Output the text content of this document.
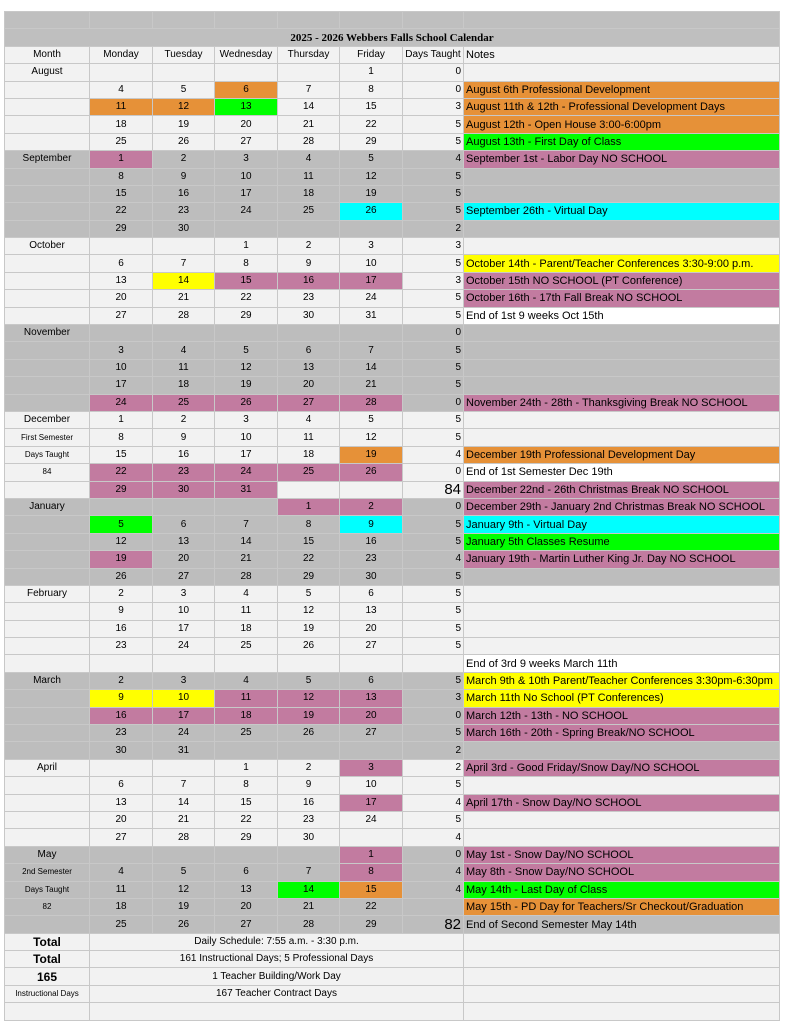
2025 - 2026 Webbers Falls School Calendar							
Month	Monday	Tuesday	Wednesday	Thursday	Friday	Days Taught	Notes
August					1	0	
	4	5	6	7	8	0	August 6th Professional Development
	11	12	13	14	15	3	August 11th & 12th - Professional Development Days
	18	19	20	21	22	5	August 12th - Open House 3:00-6:00pm
	25	26	27	28	29	5	August 13th - First Day of Class
September	1	2	3	4	5	4	September 1st - Labor Day NO SCHOOL
	8	9	10	11	12	5	
	15	16	17	18	19	5	
	22	23	24	25	26	5	September 26th - Virtual Day
	29	30				2	
October			1	2	3	3	
	6	7	8	9	10	5	October 14th - Parent/Teacher Conferences 3:30-9:00 p.m.
	13	14	15	16	17	3	October 15th NO SCHOOL (PT Conference)
	20	21	22	23	24	5	October 16th - 17th Fall Break NO SCHOOL
	27	28	29	30	31	5	End of 1st 9 weeks Oct 15th
November						0	
	3	4	5	6	7	5	
	10	11	12	13	14	5	
	17	18	19	20	21	5	
	24	25	26	27	28	0	November 24th - 28th - Thanksgiving Break NO SCHOOL
December	1	2	3	4	5	5	
First Semester	8	9	10	11	12	5	
Days Taught	15	16	17	18	19	4	December 19th Professional Development Day
84	22	23	24	25	26	0	End of 1st Semester Dec 19th
	29	30	31			84	December 22nd - 26th Christmas Break NO SCHOOL
January				1	2	0	December 29th - January 2nd Christmas Break NO SCHOOL
	5	6	7	8	9	5	January 9th - Virtual Day
	12	13	14	15	16	5	January 5th Classes Resume
	19	20	21	22	23	4	January 19th - Martin Luther King Jr. Day NO SCHOOL
	26	27	28	29	30	5	
February	2	3	4	5	6	5	
	9	10	11	12	13	5	
	16	17	18	19	20	5	
	23	24	25	26	27	5	
							End of 3rd 9 weeks March 11th
March	2	3	4	5	6	5	March 9th & 10th Parent/Teacher Conferences 3:30pm-6:30pm
	9	10	11	12	13	3	March 11th No School (PT Conferences)
	16	17	18	19	20	0	March 12th - 13th - NO SCHOOL
	23	24	25	26	27	5	March 16th - 20th - Spring Break/NO SCHOOL
	30	31				2	
April			1	2	3	2	April 3rd - Good Friday/Snow Day/NO SCHOOL
	6	7	8	9	10	5	
	13	14	15	16	17	4	April 17th - Snow Day/NO SCHOOL
	20	21	22	23	24	5	
	27	28	29	30		4	
May					1	0	May 1st - Snow Day/NO SCHOOL
2nd Semester	4	5	6	7	8	4	May 8th - Snow Day/NO SCHOOL
Days Taught	11	12	13	14	15	4	May 14th - Last Day of Class
82	18	19	20	21	22		May 15th - PD Day for Teachers/Sr Checkout/Graduation
	25	26	27	28	29	82	End of Second Semester May 14th
Total	Daily Schedule: 7:55 a.m. - 3:30 p.m.						
Total	161 Instructional Days; 5 Professional Days						
165	1 Teacher Building/Work Day						
Instructional Days	167 Teacher Contract Days						
